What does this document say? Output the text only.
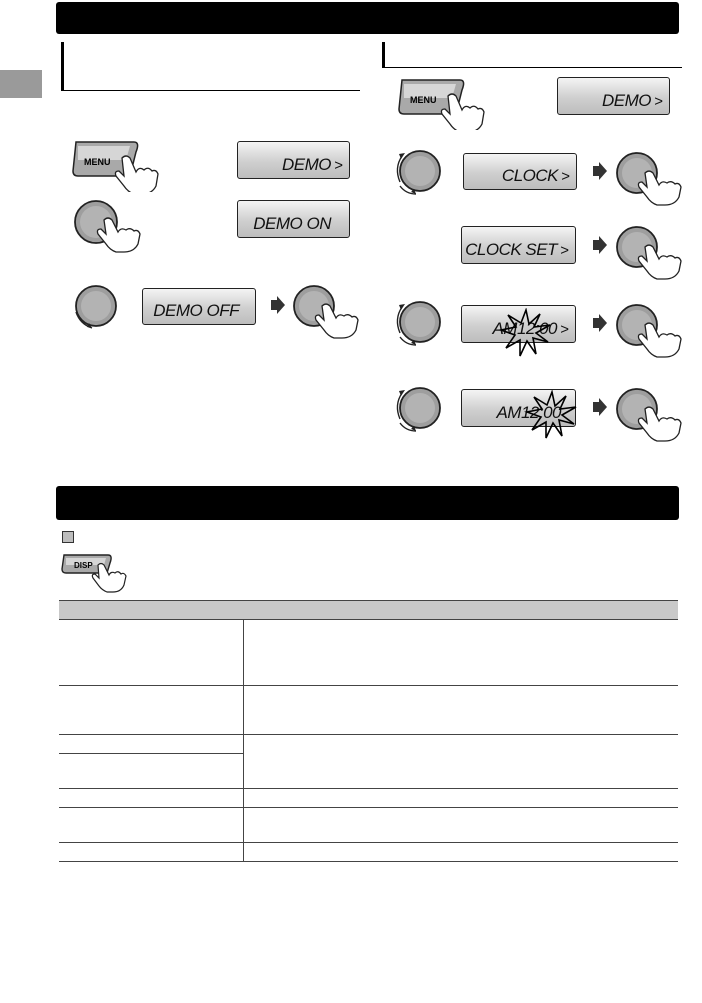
MENU	DEMO >
DEMO ON
DEMO OFF
MENU	DEMO >
CLOCK >
CLOCK SET >
AM12:00 >
AM12:00
DISP
